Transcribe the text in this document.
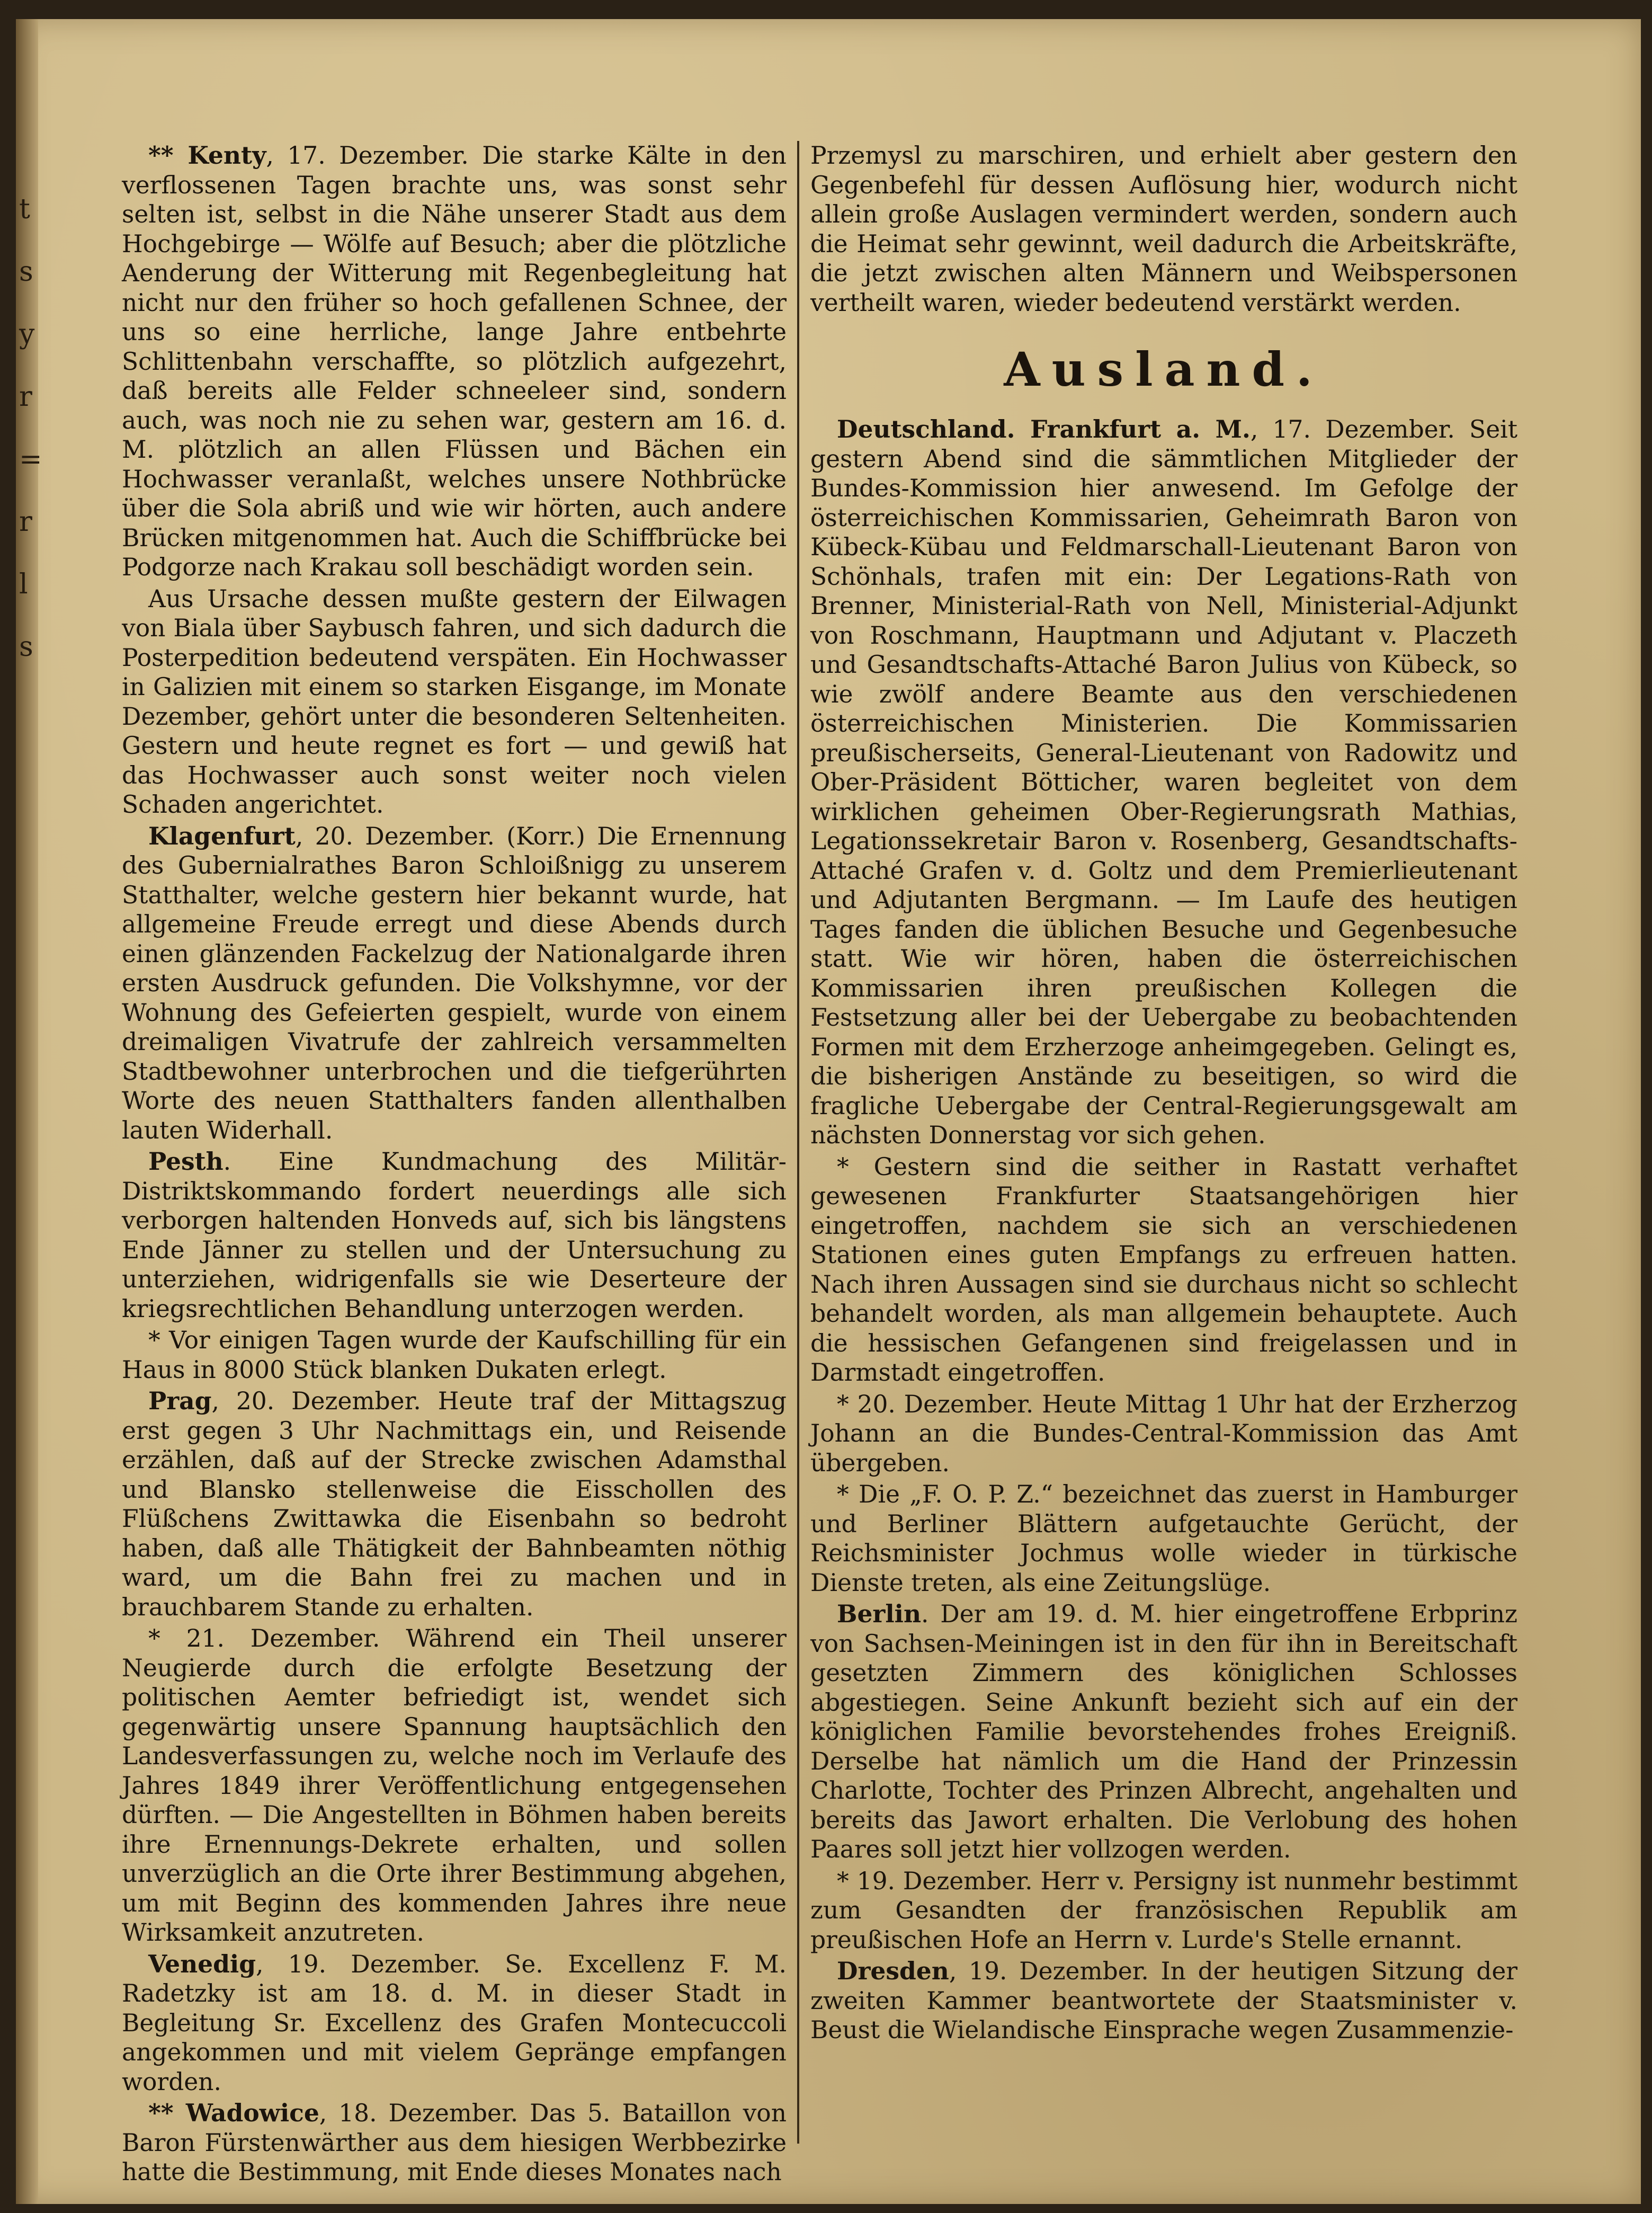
t
s
y
r
=
r
l
s

** Kenty, 17. Dezember. Die starke Kälte in den verflossenen Tagen brachte uns, was sonst sehr selten ist, selbst in die Nähe unserer Stadt aus dem Hochgebirge — Wölfe auf Besuch; aber die plötzliche Aenderung der Witterung mit Regenbegleitung hat nicht nur den früher so hoch gefallenen Schnee, der uns so eine herrliche, lange Jahre entbehrte Schlittenbahn verschaffte, so plötzlich aufgezehrt, daß bereits alle Felder schneeleer sind, sondern auch, was noch nie zu sehen war, gestern am 16. d. M. plötzlich an allen Flüssen und Bächen ein Hochwasser veranlaßt, welches unsere Nothbrücke über die Sola abriß und wie wir hörten, auch andere Brücken mitgenommen hat. Auch die Schiffbrücke bei Podgorze nach Krakau soll beschädigt worden sein.

Aus Ursache dessen mußte gestern der Eilwagen von Biala über Saybusch fahren, und sich dadurch die Posterpedition bedeutend verspäten. Ein Hochwasser in Galizien mit einem so starken Eisgange, im Monate Dezember, gehört unter die besonderen Seltenheiten. Gestern und heute regnet es fort — und gewiß hat das Hochwasser auch sonst weiter noch vielen Schaden angerichtet.

Klagenfurt, 20. Dezember. (Korr.) Die Ernennung des Gubernialrathes Baron Schloißnigg zu unserem Statthalter, welche gestern hier bekannt wurde, hat allgemeine Freude erregt und diese Abends durch einen glänzenden Fackelzug der Nationalgarde ihren ersten Ausdruck gefunden. Die Volkshymne, vor der Wohnung des Gefeierten gespielt, wurde von einem dreimaligen Vivatrufe der zahlreich versammelten Stadtbewohner unterbrochen und die tiefgerührten Worte des neuen Statthalters fanden allenthalben lauten Widerhall.

Pesth. Eine Kundmachung des Militär-Distriktskommando fordert neuerdings alle sich verborgen haltenden Honveds auf, sich bis längstens Ende Jänner zu stellen und der Untersuchung zu unterziehen, widrigenfalls sie wie Deserteure der kriegsrechtlichen Behandlung unterzogen werden.

* Vor einigen Tagen wurde der Kaufschilling für ein Haus in 8000 Stück blanken Dukaten erlegt.

Prag, 20. Dezember. Heute traf der Mittagszug erst gegen 3 Uhr Nachmittags ein, und Reisende erzählen, daß auf der Strecke zwischen Adamsthal und Blansko stellenweise die Eisschollen des Flüßchens Zwittawka die Eisenbahn so bedroht haben, daß alle Thätigkeit der Bahnbeamten nöthig ward, um die Bahn frei zu machen und in brauchbarem Stande zu erhalten.

* 21. Dezember. Während ein Theil unserer Neugierde durch die erfolgte Besetzung der politischen Aemter befriedigt ist, wendet sich gegenwärtig unsere Spannung hauptsächlich den Landesverfassungen zu, welche noch im Verlaufe des Jahres 1849 ihrer Veröffentlichung entgegensehen dürften. — Die Angestellten in Böhmen haben bereits ihre Ernennungs-Dekrete erhalten, und sollen unverzüglich an die Orte ihrer Bestimmung abgehen, um mit Beginn des kommenden Jahres ihre neue Wirksamkeit anzutreten.

Venedig, 19. Dezember. Se. Excellenz F. M. Radetzky ist am 18. d. M. in dieser Stadt in Begleitung Sr. Excellenz des Grafen Montecuccoli angekommen und mit vielem Gepränge empfangen worden.

** Wadowice, 18. Dezember. Das 5. Bataillon von Baron Fürstenwärther aus dem hiesigen Werbbezirke hatte die Bestimmung, mit Ende dieses Monates nach

Przemysl zu marschiren, und erhielt aber gestern den Gegenbefehl für dessen Auflösung hier, wodurch nicht allein große Auslagen vermindert werden, sondern auch die Heimat sehr gewinnt, weil dadurch die Arbeitskräfte, die jetzt zwischen alten Männern und Weibspersonen vertheilt waren, wieder bedeutend verstärkt werden.

Ausland.

Deutschland. Frankfurt a. M., 17. Dezember. Seit gestern Abend sind die sämmtlichen Mitglieder der Bundes-Kommission hier anwesend. Im Gefolge der österreichischen Kommissarien, Geheimrath Baron von Kübeck-Kübau und Feldmarschall-Lieutenant Baron von Schönhals, trafen mit ein: Der Legations-Rath von Brenner, Ministerial-Rath von Nell, Ministerial-Adjunkt von Roschmann, Hauptmann und Adjutant v. Placzeth und Gesandtschafts-Attaché Baron Julius von Kübeck, so wie zwölf andere Beamte aus den verschiedenen österreichischen Ministerien. Die Kommissarien preußischerseits, General-Lieutenant von Radowitz und Ober-Präsident Bötticher, waren begleitet von dem wirklichen geheimen Ober-Regierungsrath Mathias, Legationssekretair Baron v. Rosenberg, Gesandtschafts-Attaché Grafen v. d. Goltz und dem Premierlieutenant und Adjutanten Bergmann. — Im Laufe des heutigen Tages fanden die üblichen Besuche und Gegenbesuche statt. Wie wir hören, haben die österreichischen Kommissarien ihren preußischen Kollegen die Festsetzung aller bei der Uebergabe zu beobachtenden Formen mit dem Erzherzoge anheimgegeben. Gelingt es, die bisherigen Anstände zu beseitigen, so wird die fragliche Uebergabe der Central-Regierungsgewalt am nächsten Donnerstag vor sich gehen.

* Gestern sind die seither in Rastatt verhaftet gewesenen Frankfurter Staatsangehörigen hier eingetroffen, nachdem sie sich an verschiedenen Stationen eines guten Empfangs zu erfreuen hatten. Nach ihren Aussagen sind sie durchaus nicht so schlecht behandelt worden, als man allgemein behauptete. Auch die hessischen Gefangenen sind freigelassen und in Darmstadt eingetroffen.

* 20. Dezember. Heute Mittag 1 Uhr hat der Erzherzog Johann an die Bundes-Central-Kommission das Amt übergeben.

* Die „F. O. P. Z.“ bezeichnet das zuerst in Hamburger und Berliner Blättern aufgetauchte Gerücht, der Reichsminister Jochmus wolle wieder in türkische Dienste treten, als eine Zeitungslüge.

Berlin. Der am 19. d. M. hier eingetroffene Erbprinz von Sachsen-Meiningen ist in den für ihn in Bereitschaft gesetzten Zimmern des königlichen Schlosses abgestiegen. Seine Ankunft bezieht sich auf ein der königlichen Familie bevorstehendes frohes Ereigniß. Derselbe hat nämlich um die Hand der Prinzessin Charlotte, Tochter des Prinzen Albrecht, angehalten und bereits das Jawort erhalten. Die Verlobung des hohen Paares soll jetzt hier vollzogen werden.

* 19. Dezember. Herr v. Persigny ist nunmehr bestimmt zum Gesandten der französischen Republik am preußischen Hofe an Herrn v. Lurde's Stelle ernannt.

Dresden, 19. Dezember. In der heutigen Sitzung der zweiten Kammer beantwortete der Staatsminister v. Beust die Wielandische Einsprache wegen Zusammenzie-
